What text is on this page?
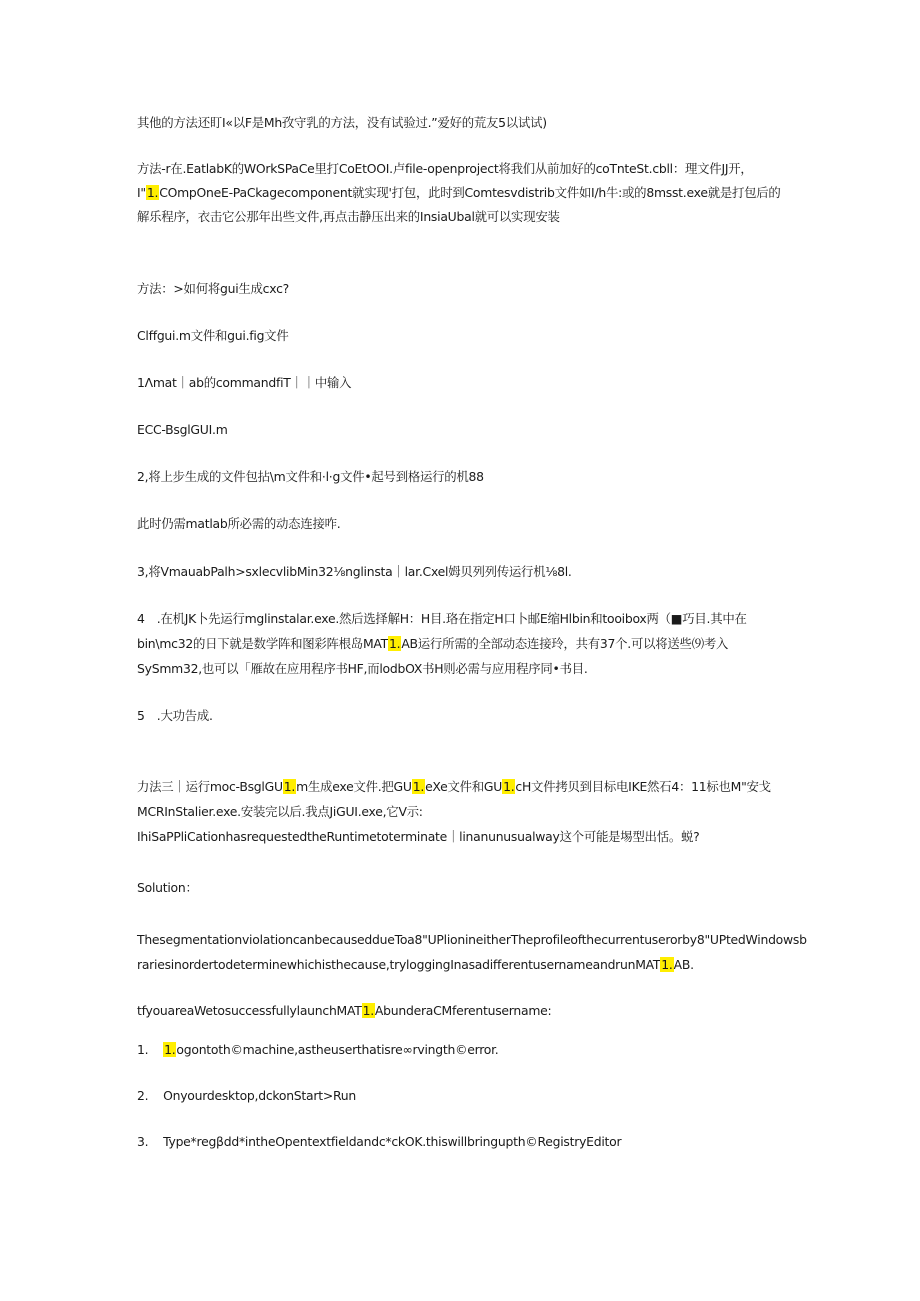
其他的方法还盯I«以F是Mh孜守乳的方法，没有试验过.”爱好的荒友5以试试)
方法-r在.EatlabK的WOrkSPaCe里打CoEtOOI.卢file-openproject将我们从前加好的coTnteSt.cbll：理文件JJ开，
I"1.COmpOneE-PaCkagecomponent就实现'打包，此时到Comtesvdistrib文件如I/h牛:或的8msst.exe就是打包后的
解乐程序，衣击它公那年出些文件,再点击静压出来的InsiaUbal就可以实现安装
方法：>如何将gui生成cxc?
Clffgui.m文件和gui.fig文件
1Λmat｜ab的commandfiT｜｜中输入
ECC-BsglGUI.m
2,将上步生成的文件包拈\m文件和·l·g文件•起号到格运行的机88
此时仍需matlab所必需的动态连接咋.
3,将VmauabPalh>sxlecvlibMin32⅛nglinsta｜lar.Cxel姆贝列列传运行机⅛8l.
4　.在机JK卜先运行mglinstalar.exe.然后选择解H：H目.珞在指定H口卜邮E缩Hlbin和tooibox两（■巧目.其中在
bin\mc32的日下就是数学阵和图彩阵根岛MAT1.AB运行所需的全部动态连接玲，共有37个.可以将送些⑼考入
SySmm32,也可以「雁故在应用程序书HF,而lodbOX书H则必需与应用程序同•书目.
5　.大功告成.
力法三｜运行moc-BsglGU1.m生成exe文件.把GU1.eXe文件和GU1.cH文件拷贝到目标电IKE然石4：11标也M"安戈
MCRInStalier.exe.安装完以后.我点JiGUI.exe,它V示:
IhiSaPPliCationhasrequestedtheRuntimetoterminate｜linanunusualway这个可能是埸型出恬。蜕?
Solution：
ThesegmentationviolationcanbecauseddueToa8"UPlionineitherTheprofileofthecurrentuserorby8"UPtedWindowsb
rariesinordertodeterminewhichisthecause,tryloggingInasadifferentusernameandrunMAT1.AB.
tfyouareaWetosuccessfullylaunchMAT1.AbunderaCMferentusername:
1. 1.ogontoth©machine,astheuserthatisre∞rvingth©error.
2. Onyourdesktop,dckonStart>Run
3. Type*regβdd*intheOpentextfieldandc*ckOK.thiswillbringupth©RegistryEditor
